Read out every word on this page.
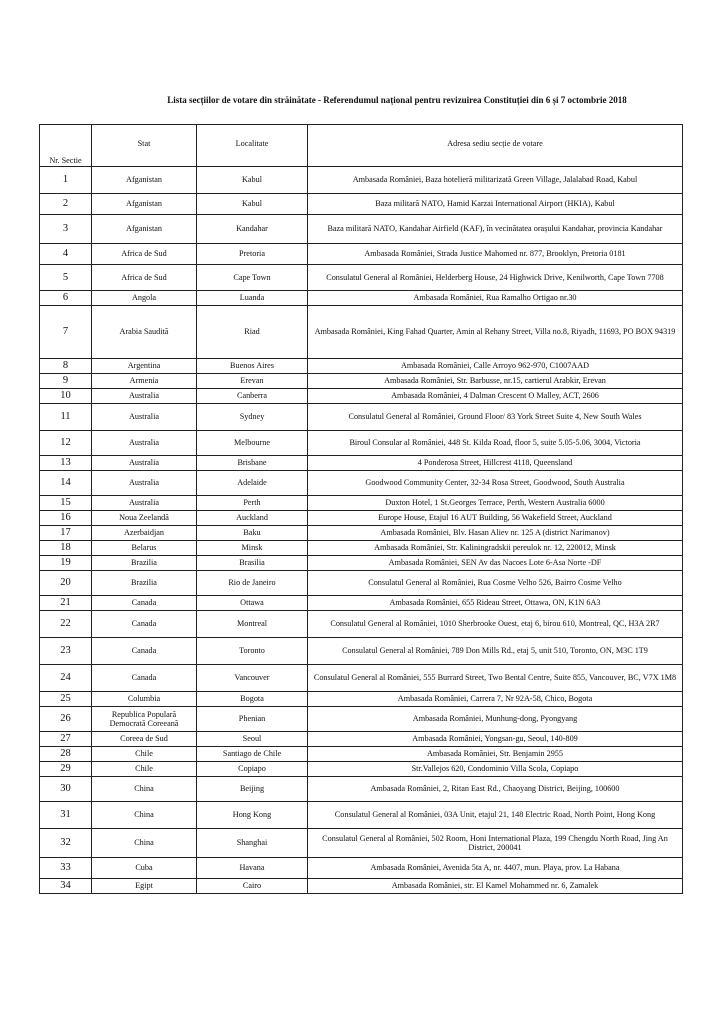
Lista secțiilor de votare din străinătate - Referendumul național pentru revizuirea Constituției din 6 și 7 octombrie 2018
Nr. Sectie	Stat	Localitate	Adresa sediu secție de votare
1	Afganistan	Kabul	Ambasada României, Baza hotelieră militarizată Green Village, Jalalabad Road, Kabul
2	Afganistan	Kabul	Baza militară NATO, Hamid Karzai International Airport (HKIA), Kabul
3	Afganistan	Kandahar	Baza militară NATO, Kandahar Airfield (KAF), în vecinătatea orașului Kandahar, provincia Kandahar
4	Africa de Sud	Pretoria	Ambasada României, Strada Justice Mahomed nr. 877, Brooklyn, Pretoria 0181
5	Africa de Sud	Cape Town	Consulatul General al României, Helderberg House, 24 Highwick Drive, Kenilworth, Cape Town 7708
6	Angola	Luanda	Ambasada României, Rua Ramalho Ortigao nr.30
7	Arabia Saudită	Riad	Ambasada României, King Fahad Quarter, Amin al Rehany Street, Villa no.8, Riyadh, 11693, PO BOX 94319
8	Argentina	Buenos Aires	Ambasada României, Calle Arroyo 962-970, C1007AAD
9	Armenia	Erevan	Ambasada României, Str. Barbusse, nr.15, cartierul Arabkir, Erevan
10	Australia	Canberra	Ambasada României, 4 Dalman Crescent O Malley, ACT, 2606
11	Australia	Sydney	Consulatul General al României, Ground Floor/ 83 York Street Suite 4, New South Wales
12	Australia	Melbourne	Biroul Consular al României, 448 St. Kilda Road, floor 5, suite 5.05-5.06, 3004, Victoria
13	Australia	Brisbane	4 Ponderosa Street, Hillcrest 4118, Queensland
14	Australia	Adelaide	Goodwood Community Center, 32-34 Rosa Street, Goodwood, South Australia
15	Australia	Perth	Duxton Hotel, 1 St.Georges Terrace, Perth, Western Australia 6000
16	Noua Zeelandă	Auckland	Europe House, Etajul 16 AUT Building, 56 Wakefield Street, Auckland
17	Azerbaidjan	Baku	Ambasada României, Blv. Hasan Aliev nr. 125 A (district Narimanov)
18	Belarus	Minsk	Ambasada României, Str. Kaliningradskii pereulok nr. 12, 220012, Minsk
19	Brazilia	Brasilia	Ambasada României, SEN Av das Nacoes Lote 6-Asa Norte -DF
20	Brazilia	Rio de Janeiro	Consulatul General al României, Rua Cosme Velho 526, Bairro Cosme Velho
21	Canada	Ottawa	Ambasada României, 655 Rideau Street, Ottawa, ON, K1N 6A3
22	Canada	Montreal	Consulatul General al României, 1010 Sherbrooke Ouest, etaj 6, birou 610, Montreal, QC, H3A 2R7
23	Canada	Toronto	Consulatul General al României, 789 Don Mills Rd., etaj 5, unit 510, Toronto, ON, M3C 1T9
24	Canada	Vancouver	Consulatul General al României, 555 Burrard Street, Two Bental Centre, Suite 855, Vancouver, BC, V7X 1M8
25	Columbia	Bogota	Ambasada României, Carrera 7, Nr 92A-58, Chico, Bogota
26	Republica Populară Democrată Coreeană	Phenian	Ambasada României, Munhung-dong, Pyongyang
27	Coreea de Sud	Seoul	Ambasada României, Yongsan-gu, Seoul, 140-809
28	Chile	Santiago de Chile	Ambasada României, Str. Benjamin 2955
29	Chile	Copiapo	Str.Vallejos 620, Condominio Villa Scola, Copiapo
30	China	Beijing	Ambasada României, 2, Ritan East Rd., Chaoyang District, Beijing, 100600
31	China	Hong Kong	Consulatul General al României, 03A Unit, etajul 21, 148 Electric Road, North Point, Hong Kong
32	China	Shanghai	Consulatul General al României, 502 Room, Honi International Plaza, 199 Chengdu North Road, Jing An District, 200041
33	Cuba	Havana	Ambasada României, Avenida 5ta A, nr. 4407, mun. Playa, prov. La Habana
34	Egipt	Cairo	Ambasada României, str. El Kamel Mohammed nr. 6, Zamalek
